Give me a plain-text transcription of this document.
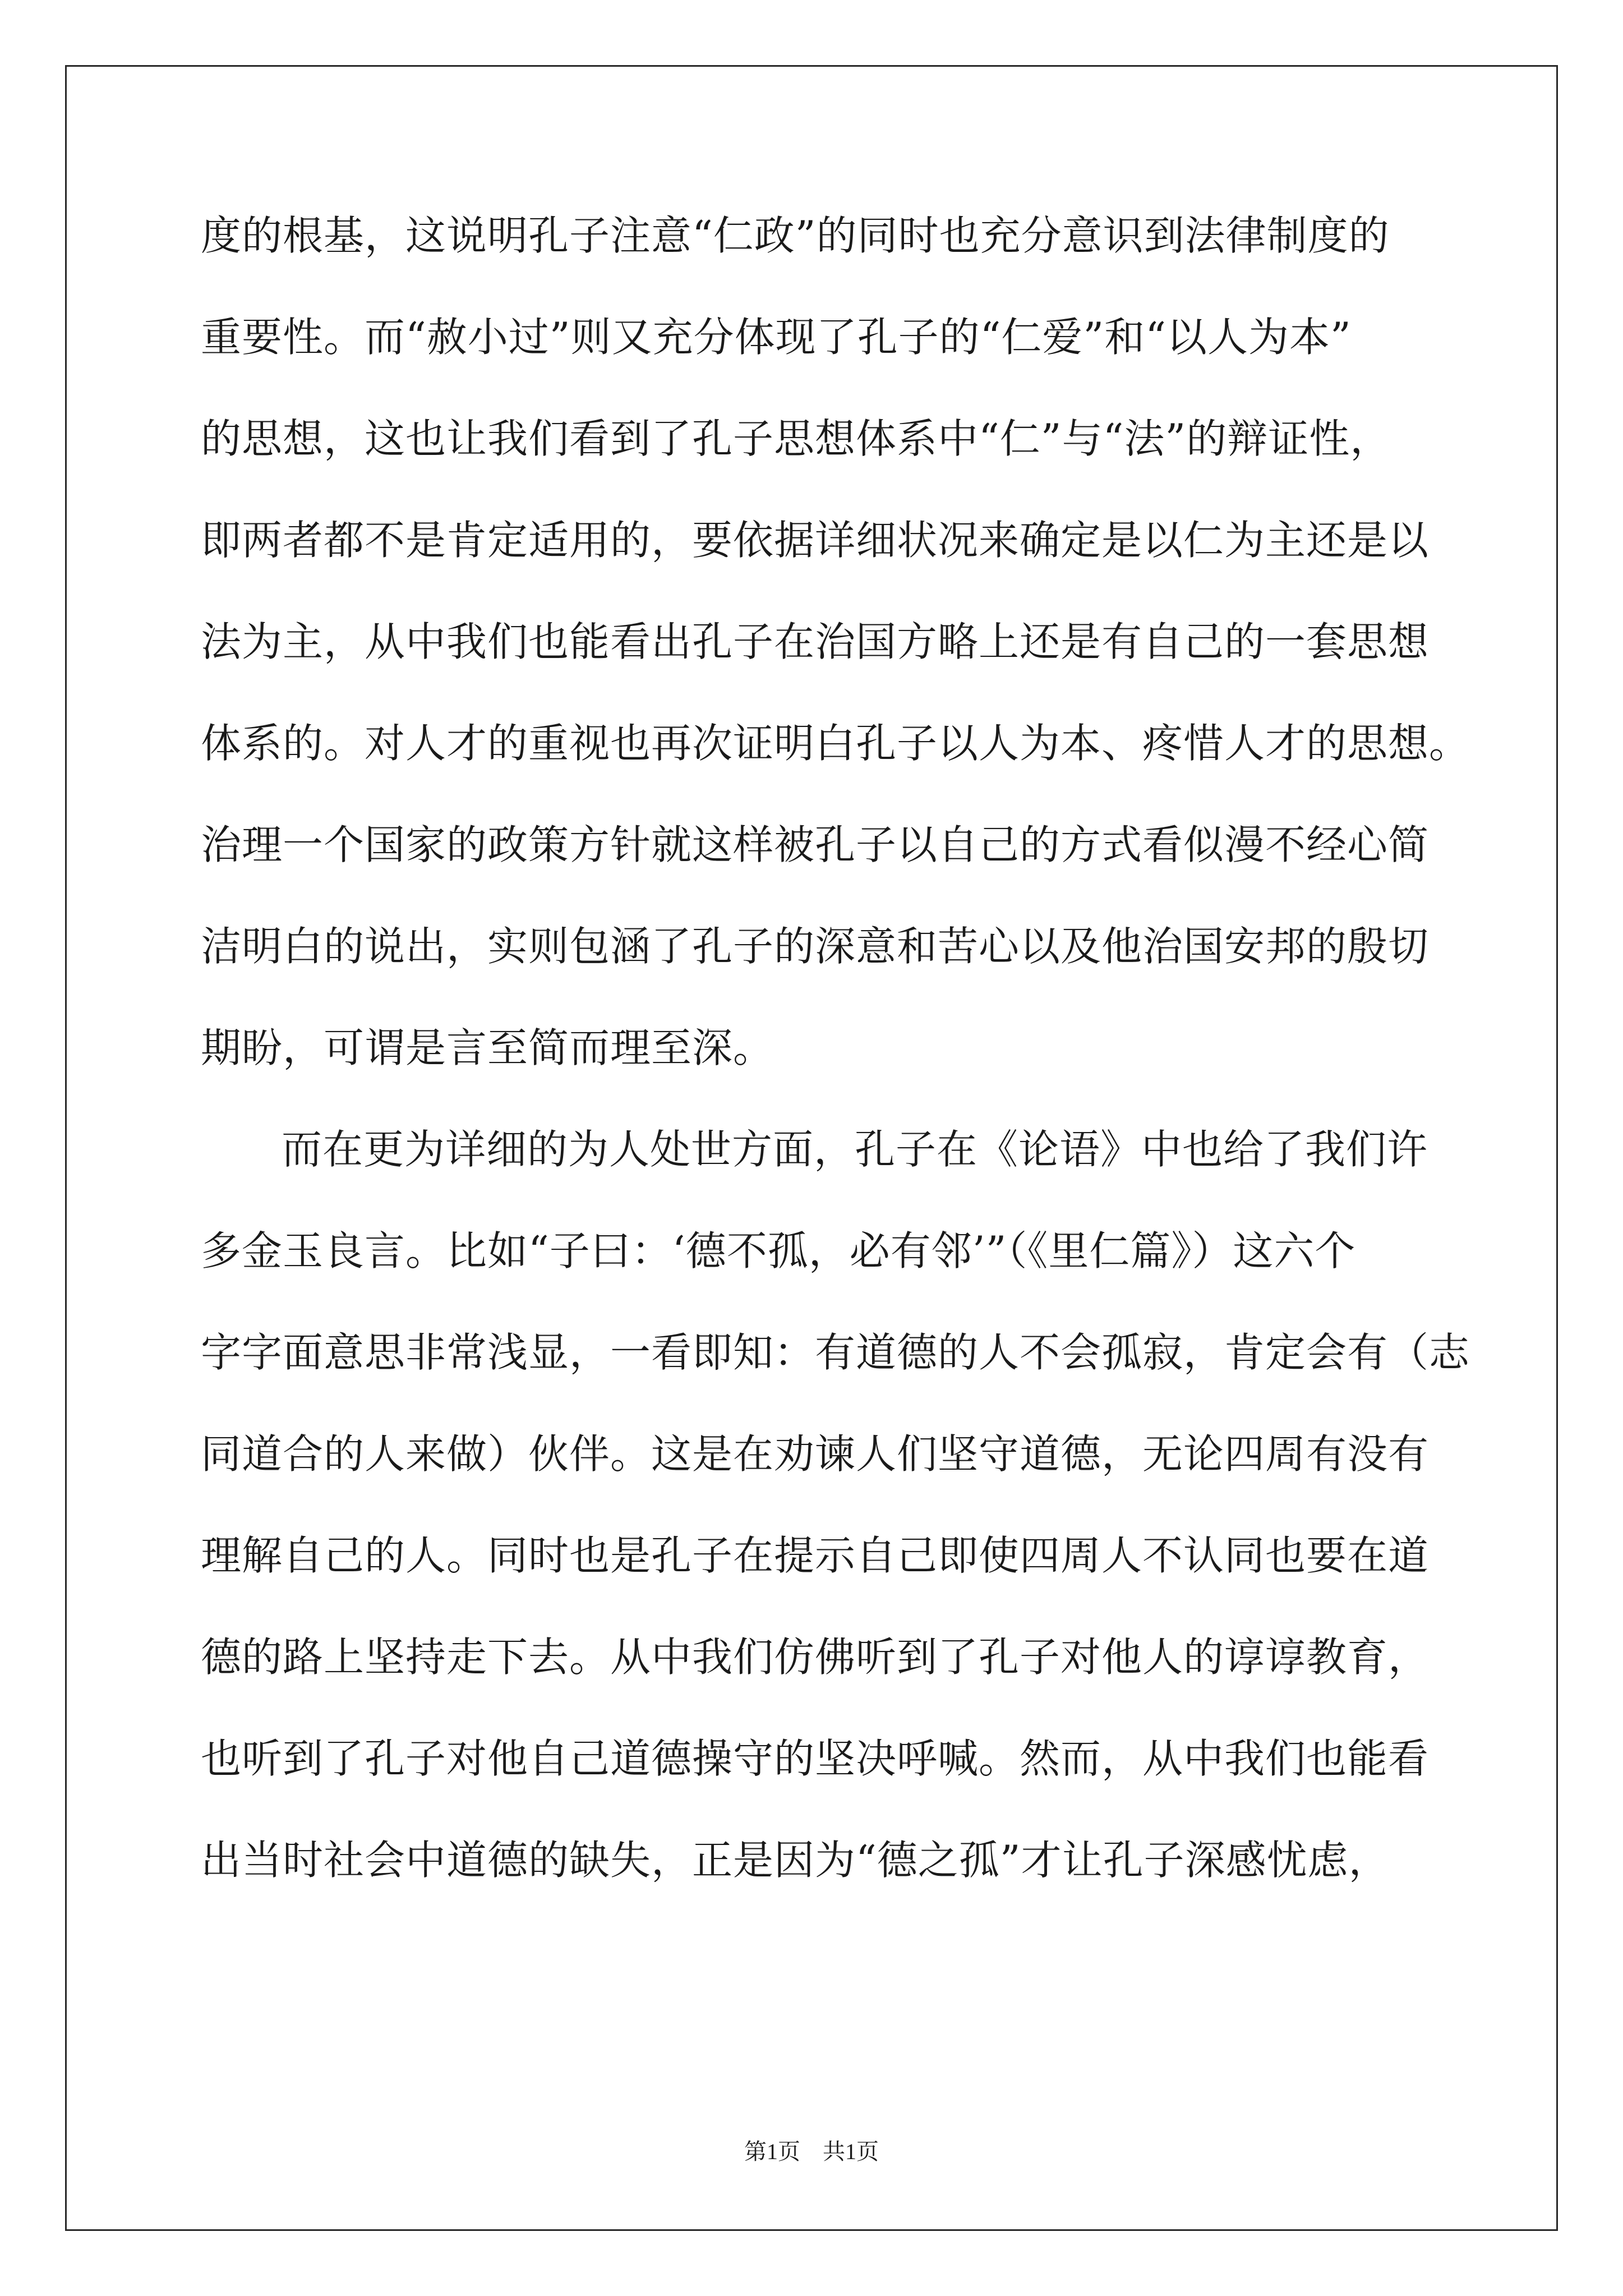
度的根基，这说明孔子注意“仁政”的同时也充分意识到法律制度的
重要性。而“赦小过”则又充分体现了孔子的“仁爱”和“以人为本”
的思想，这也让我们看到了孔子思想体系中“仁”与“法”的辩证性，
即两者都不是肯定适用的，要依据详细状况来确定是以仁为主还是以
法为主，从中我们也能看出孔子在治国方略上还是有自己的一套思想
体系的。对人才的重视也再次证明白孔子以人为本、疼惜人才的思想。
治理一个国家的政策方针就这样被孔子以自己的方式看似漫不经心简
洁明白的说出，实则包涵了孔子的深意和苦心以及他治国安邦的殷切
期盼，可谓是言至简而理至深。
而在更为详细的为人处世方面，孔子在《论语》中也给了我们许
多金玉良言。比如“子曰：‘德不孤，必有邻’”（《里仁篇》）这六个
字字面意思非常浅显，一看即知：有道德的人不会孤寂，肯定会有（志
同道合的人来做）伙伴。这是在劝谏人们坚守道德，无论四周有没有
理解自己的人。同时也是孔子在提示自己即使四周人不认同也要在道
德的路上坚持走下去。从中我们仿佛听到了孔子对他人的谆谆教育，
也听到了孔子对他自己道德操守的坚决呼喊。然而，从中我们也能看
出当时社会中道德的缺失，正是因为“德之孤”才让孔子深感忧虑，
第1页　共1页
